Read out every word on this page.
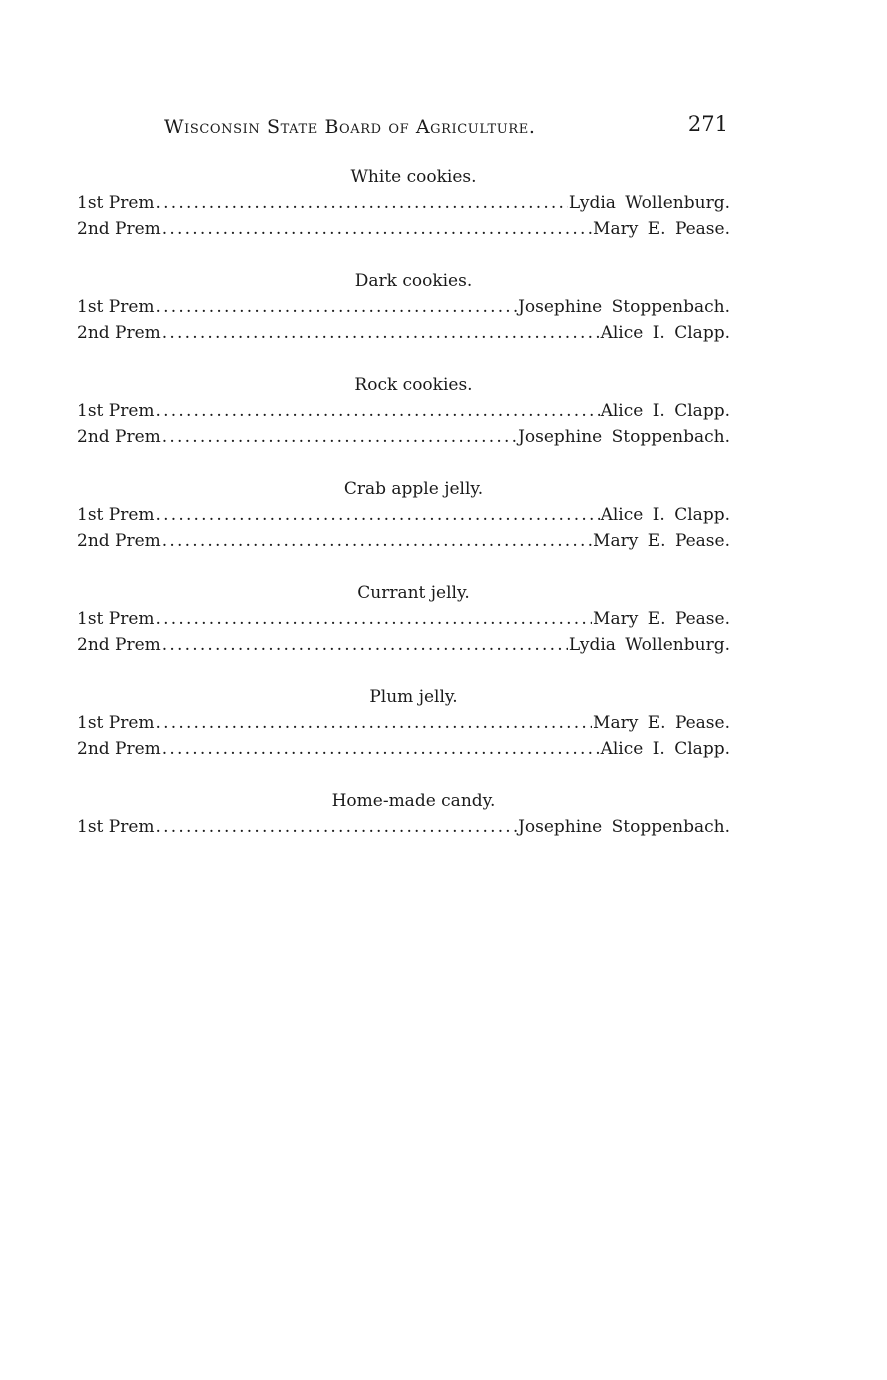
Wisconsin State Board of Agriculture.	271
White cookies.
1st Prem .....	Lydia Wollenburg.
2nd Prem .....	Mary E. Pease.
Dark cookies.
1st Prem .....	Josephine Stoppenbach.
2nd Prem .....	Alice I. Clapp.
Rock cookies.
1st Prem .....	Alice I. Clapp.
2nd Prem .....	Josephine Stoppenbach.
Crab apple jelly.
1st Prem .....	Alice I. Clapp.
2nd Prem .....	Mary E. Pease.
Currant jelly.
1st Prem .....	Mary E. Pease.
2nd Prem .....	Lydia Wollenburg.
Plum jelly.
1st Prem .....	Mary E. Pease.
2nd Prem .....	Alice I. Clapp.
Home-made candy.
1st Prem .....	Josephine Stoppenbach.
